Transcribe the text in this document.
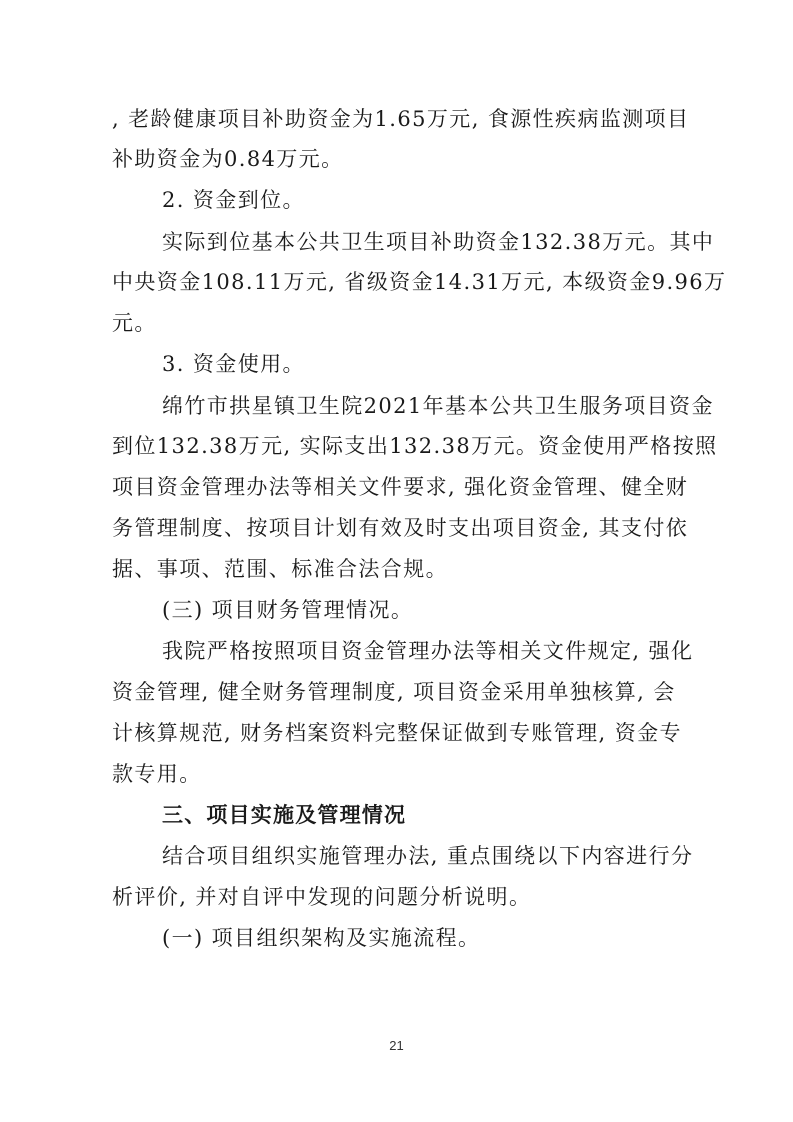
, 老龄健康项目补助资金为1.65万元, 食源性疾病监测项目
补助资金为0.84万元。
2. 资金到位。
实际到位基本公共卫生项目补助资金132.38万元。其中
中央资金108.11万元, 省级资金14.31万元, 本级资金9.96万
元。
3. 资金使用。
绵竹市拱星镇卫生院2021年基本公共卫生服务项目资金
到位132.38万元, 实际支出132.38万元。资金使用严格按照
项目资金管理办法等相关文件要求, 强化资金管理、健全财
务管理制度、按项目计划有效及时支出项目资金, 其支付依
据、事项、范围、标准合法合规。
(三) 项目财务管理情况。
我院严格按照项目资金管理办法等相关文件规定, 强化
资金管理, 健全财务管理制度, 项目资金采用单独核算, 会
计核算规范, 财务档案资料完整保证做到专账管理, 资金专
款专用。
三、项目实施及管理情况
结合项目组织实施管理办法, 重点围绕以下内容进行分
析评价, 并对自评中发现的问题分析说明。
(一) 项目组织架构及实施流程。
21
